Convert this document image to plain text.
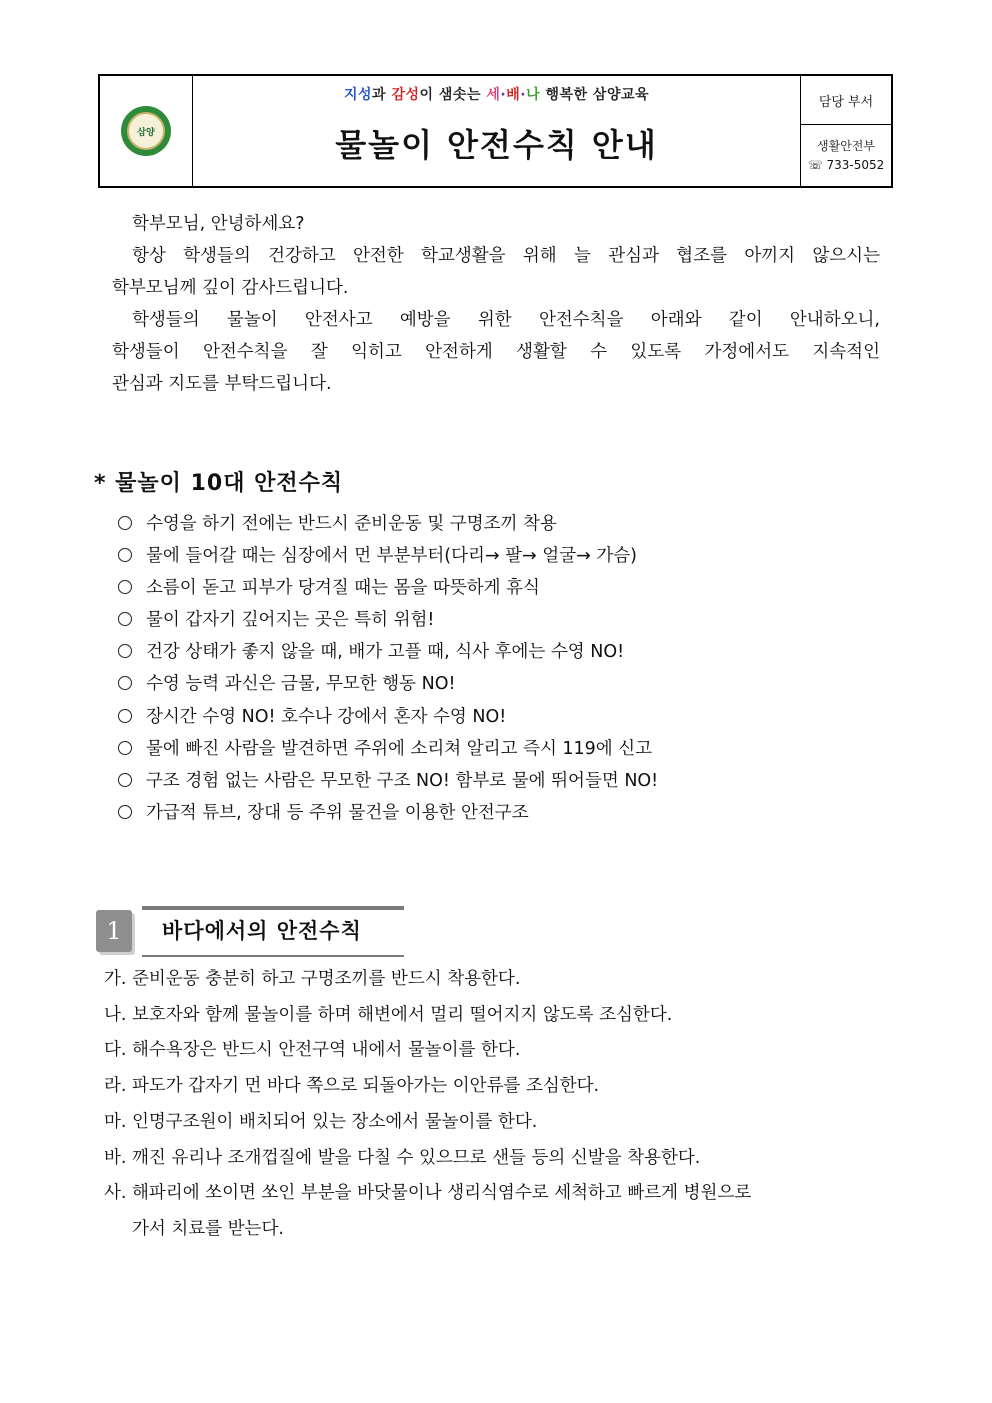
삼양
지성과 감성이 샘솟는 세·배·나 행복한 삼양교육
물놀이 안전수칙 안내
담당 부서
생활안전부
☏ 733-5052

학부모님, 안녕하세요?

항상 학생들의 건강하고 안전한 학교생활을 위해 늘 관심과 협조를 아끼지 않으시는

학부모님께 깊이 감사드립니다.

학생들의 물놀이 안전사고 예방을 위한 안전수칙을 아래와 같이 안내하오니,

학생들이 안전수칙을 잘 익히고 안전하게 생활할 수 있도록 가정에서도 지속적인

관심과 지도를 부탁드립니다.

* 물놀이 10대 안전수칙
수영을 하기 전에는 반드시 준비운동 및 구명조끼 착용
물에 들어갈 때는 심장에서 먼 부분부터(다리→ 팔→ 얼굴→ 가슴)
소름이 돋고 피부가 당겨질 때는 몸을 따뜻하게 휴식
물이 갑자기 깊어지는 곳은 특히 위험!
건강 상태가 좋지 않을 때, 배가 고플 때, 식사 후에는 수영 NO!
수영 능력 과신은 금물, 무모한 행동 NO!
장시간 수영 NO! 호수나 강에서 혼자 수영 NO!
물에 빠진 사람을 발견하면 주위에 소리쳐 알리고 즉시 119에 신고
구조 경험 없는 사람은 무모한 구조 NO! 함부로 물에 뛰어들면 NO!
가급적 튜브, 장대 등 주위 물건을 이용한 안전구조
1	바다에서의 안전수칙
가. 준비운동 충분히 하고 구명조끼를 반드시 착용한다.
나. 보호자와 함께 물놀이를 하며 해변에서 멀리 떨어지지 않도록 조심한다.
다. 해수욕장은 반드시 안전구역 내에서 물놀이를 한다.
라. 파도가 갑자기 먼 바다 쪽으로 되돌아가는 이안류를 조심한다.
마. 인명구조원이 배치되어 있는 장소에서 물놀이를 한다.
바. 깨진 유리나 조개껍질에 발을 다칠 수 있으므로 샌들 등의 신발을 착용한다.
사. 해파리에 쏘이면 쏘인 부분을 바닷물이나 생리식염수로 세척하고 빠르게 병원으로
가서 치료를 받는다.
